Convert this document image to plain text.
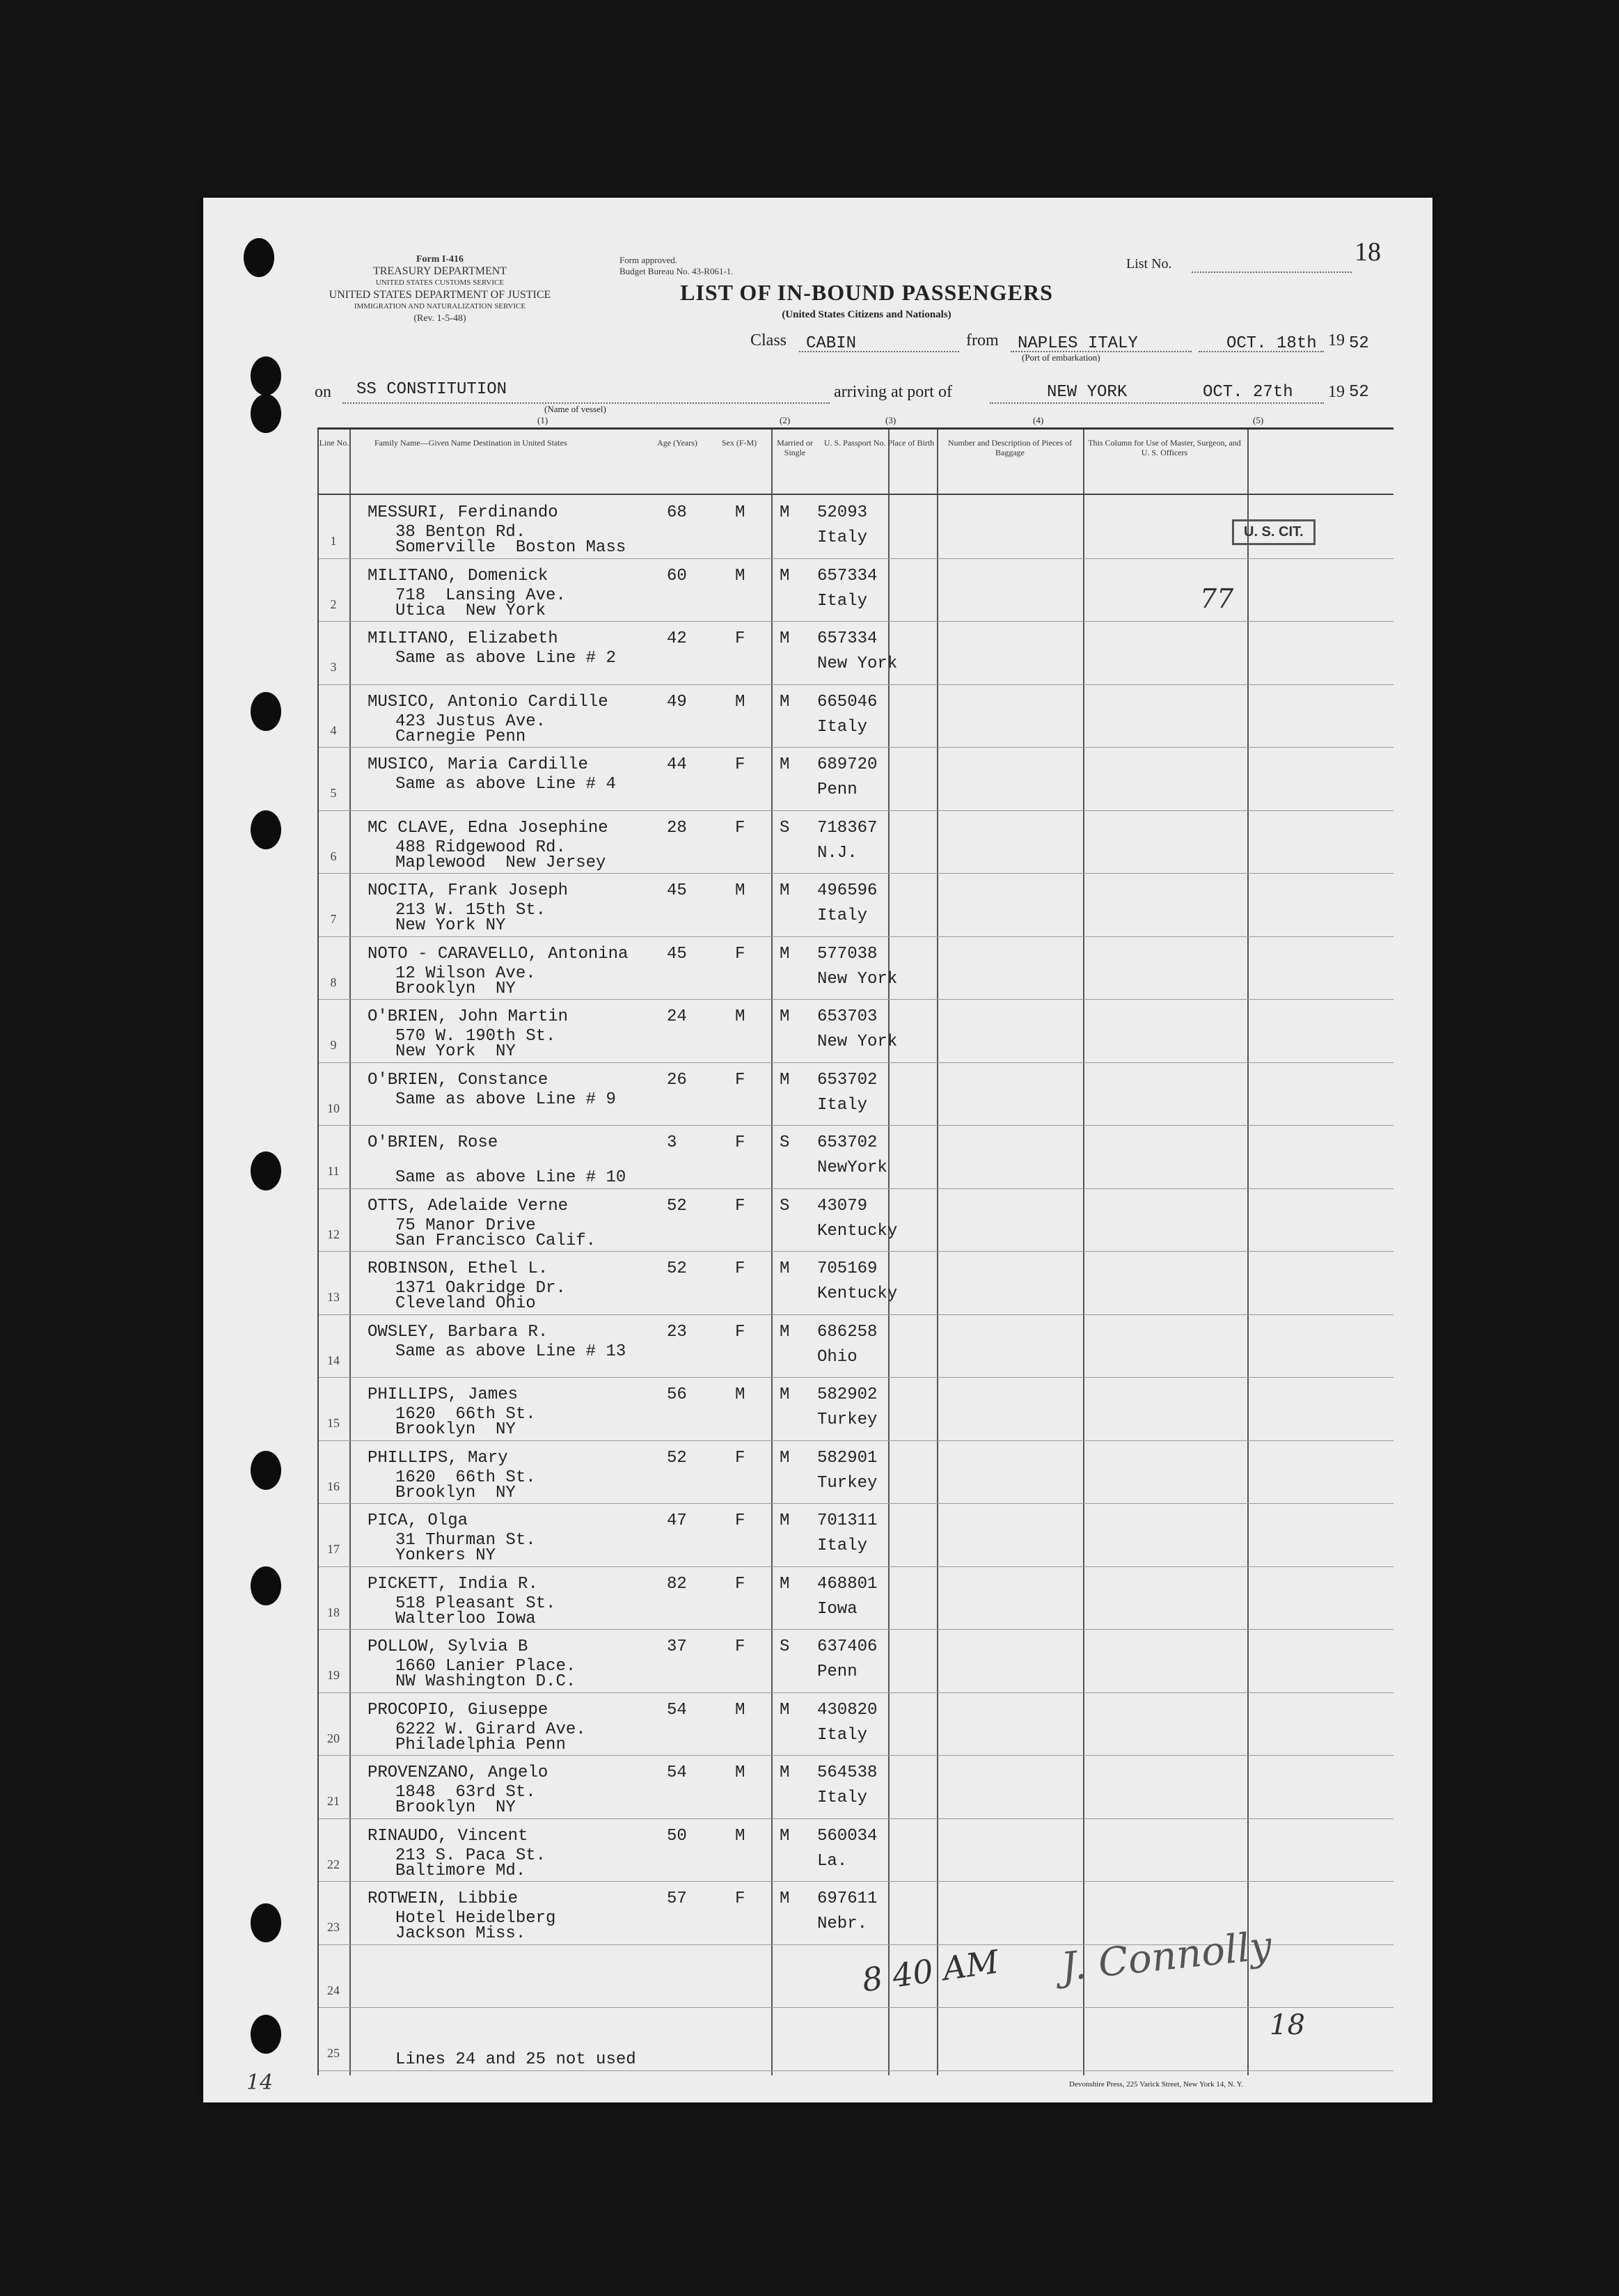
Form I-416
TREASURY DEPARTMENT
UNITED STATES CUSTOMS SERVICE
UNITED STATES DEPARTMENT OF JUSTICE
IMMIGRATION AND NATURALIZATION SERVICE
(Rev. 1-5-48)
Form approved.
Budget Bureau No. 43-R061-1.	List No.	18
LIST OF IN-BOUND PASSENGERS
(United States Citizens and Nationals)
Class CABIN	from NAPLES ITALY
(Port of embarkation)
OCT. 18th 19 52
on SS CONSTITUTION
(Name of vessel)
arriving at port of	NEW YORK	OCT. 27th 19 52
(1)	(2)	(3)	(4)	(5)
Line No.	Family Name—Given Name Destination in United States	Age (Years)	Sex (F-M)	Married or Single
U. S. Passport No. Place of Birth	Number and Description of Pieces of Baggage
This Column for Use of Master, Surgeon, and U. S. Officers
1
MESSURI, Ferdinando
38 Benton Rd.
Somerville  Boston Mass
68	M M 52093
Italy
2
MILITANO, Domenick
718  Lansing Ave.
Utica  New York
60	M M 657334
Italy
3
MILITANO, Elizabeth
Same as above Line # 2
42	F M 657334
New York
4
MUSICO, Antonio Cardille
423 Justus Ave.
Carnegie Penn
49	M M 665046
Italy
5
MUSICO, Maria Cardille
Same as above Line # 4
44	F M 689720
Penn
6
MC CLAVE, Edna Josephine
488 Ridgewood Rd.
Maplewood  New Jersey
28	F S 718367
N.J.
7
NOCITA, Frank Joseph
213 W. 15th St.
New York NY
45	M M 496596
Italy
8
NOTO - CARAVELLO, Antonina
12 Wilson Ave.
Brooklyn  NY
45	F M 577038
New York
9
O'BRIEN, John Martin
570 W. 190th St.
New York  NY
24	M M 653703
New York
10
O'BRIEN, Constance
Same as above Line # 9
26	F M 653702
Italy
11
O'BRIEN, Rose
Same as above Line # 10
3	F S 653702
NewYork
12
OTTS, Adelaide Verne
75 Manor Drive
San Francisco Calif.
52	F S 43079
Kentucky
13
ROBINSON, Ethel L.
1371 Oakridge Dr.
Cleveland Ohio
52	F M 705169
Kentucky
14
OWSLEY, Barbara R.
Same as above Line # 13
23	F M 686258
Ohio
15
PHILLIPS, James
1620  66th St.
Brooklyn  NY
56	M M 582902
Turkey
16
PHILLIPS, Mary
1620  66th St.
Brooklyn  NY
52	F M 582901
Turkey
17
PICA, Olga
31 Thurman St.
Yonkers NY
47	F M 701311
Italy
18
PICKETT, India R.
518 Pleasant St.
Walterloo Iowa
82	F M 468801
Iowa
19
POLLOW, Sylvia B
1660 Lanier Place.
NW Washington D.C.
37	F S 637406
Penn
20
PROCOPIO, Giuseppe
6222 W. Girard Ave.
Philadelphia Penn
54	M M 430820
Italy
21
PROVENZANO, Angelo
1848  63rd St.
Brooklyn  NY
54	M M 564538
Italy
22
RINAUDO, Vincent
213 S. Paca St.
Baltimore Md.
50	M M 560034
La.
23
ROTWEIN, Libbie
Hotel Heidelberg
Jackson Miss.
57	F M 697611
Nebr.
24
25	Lines 24 and 25 not used
U. S. CIT.
77
8 40 AM J. Connolly
18
14	Devonshire Press, 225 Varick Street, New York 14, N. Y.
